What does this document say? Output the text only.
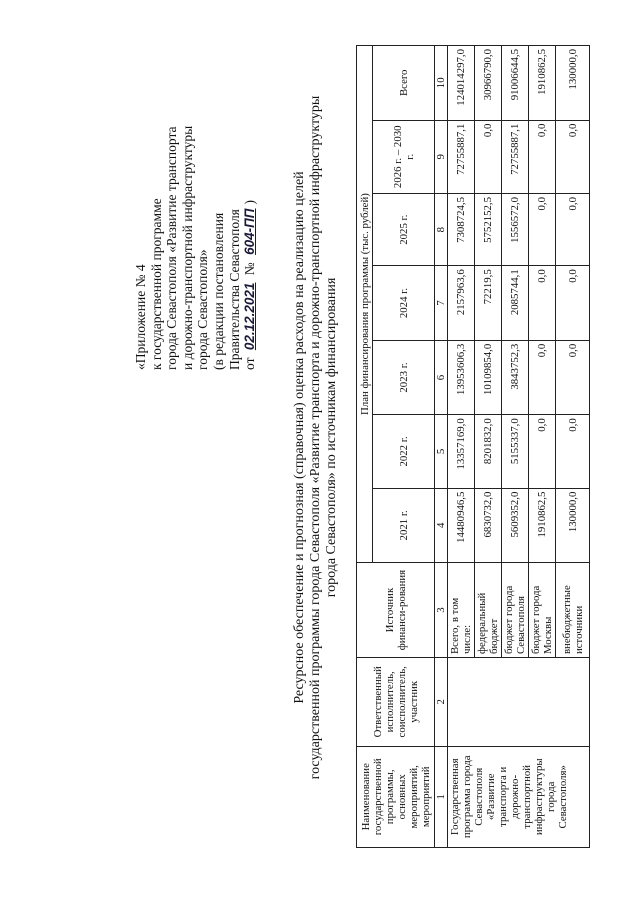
«Приложение № 4 к государственной программе города Севастополя «Развитие транспорта и дорожно-транспортной инфраструктуры города Севастополя» (в редакции постановления Правительства Севастополя от 02.12.2021 № 604-ПП) Ресурсное обеспечение и прогнозная (справочная) оценка расходов на реализацию целей государственной программы города Севастополя «Развитие транспорта и дорожно-транспортной инфраструктуры города Севастополя» по источникам финансирования
Наименование государственной программы, основных мероприятий, мероприятий	Ответственный исполнитель, соисполнитель, участник	Источник финанси-рования	План финансирования программы (тыс. рублей)						
			2021 г.	2022 г.	2023 г.	2024 г.	2025 г.	2026 г. – 2030 г.	Всего
1	2	3	4	5	6	7	8	9	10
Государственная программа города Севастополя «Развитие транспорта и дорожно-транспортной инфраструктуры города Севастополя»		Всего, в том числе:	14480946,5	13357169,0	13953606,3	2157963,6	7308724,5	72755887,1	124014297,0
		федеральный бюджет	6830732,0	8201832,0	10109854,0	72219,5	5752152,5	0,0	30966790,0
		бюджет города Севастополя	5609352,0	5155337,0	3843752,3	2085744,1	1556572,0	72755887,1	91006644,5
		бюджет города Москвы	1910862,5	0,0	0,0	0,0	0,0	0,0	1910862,5
		внебюджетные источники	130000,0	0,0	0,0	0,0	0,0	0,0	130000,0
